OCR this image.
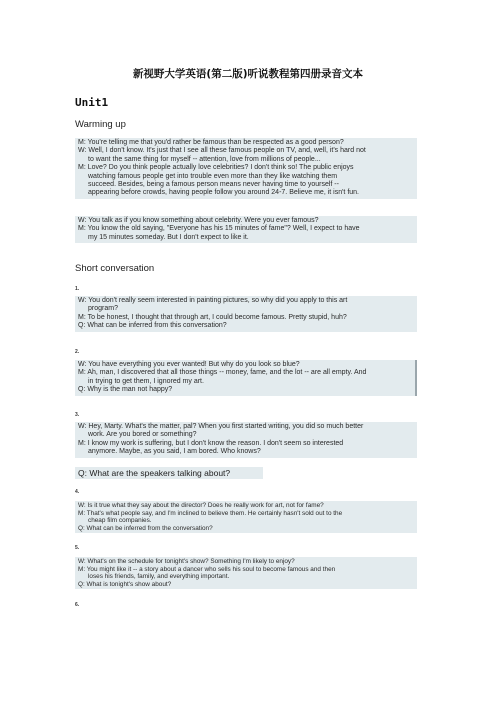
新视野大学英语(第二版)听说教程第四册录音文本
Unit1
Warming up

M: You're telling me that you'd rather be famous than be respected as a good person?

W: Well, I don't know. It's just that I see all these famous people on TV, and, well, it's hard not

to want the same thing for myself -- attention, love from millions of people...

M: Love? Do you think people actually love celebrities? I don't think so! The public enjoys

watching famous people get into trouble even more than they like watching them

succeed. Besides, being a famous person means never having time to yourself --

appearing before crowds, having people follow you around 24-7. Believe me, it isn't fun.

W: You talk as if you know something about celebrity. Were you ever famous?

M: You know the old saying, "Everyone has his 15 minutes of fame"? Well, I expect to have

my 15 minutes someday. But I don't expect to like it.

Short conversation
1.

W: You don't really seem interested in painting pictures, so why did you apply to this art

program?

M: To be honest, I thought that through art, I could become famous. Pretty stupid, huh?

Q: What can be inferred from this conversation?

2.

W: You have everything you ever wanted! But why do you look so blue?

M: Ah, man, I discovered that all those things -- money, fame, and the lot -- are all empty. And

in trying to get them, I ignored my art.

Q: Why is the man not happy?

3.

W: Hey, Marty. What's the matter, pal? When you first started writing, you did so much better

work. Are you bored or something?

M: I know my work is suffering, but I don't know the reason. I don't seem so interested

anymore. Maybe, as you said, I am bored. Who knows?

Q: What are the speakers talking about?
4.

W: Is it true what they say about the director? Does he really work for art, not for fame?

M: That's what people say, and I'm inclined to believe them. He certainly hasn't sold out to the

cheap film companies.

Q: What can be inferred from the conversation?

5.

W: What's on the schedule for tonight's show? Something I'm likely to enjoy?

M: You might like it -- a story about a dancer who sells his soul to become famous and then

loses his friends, family, and everything important.

Q: What is tonight's show about?

6.
